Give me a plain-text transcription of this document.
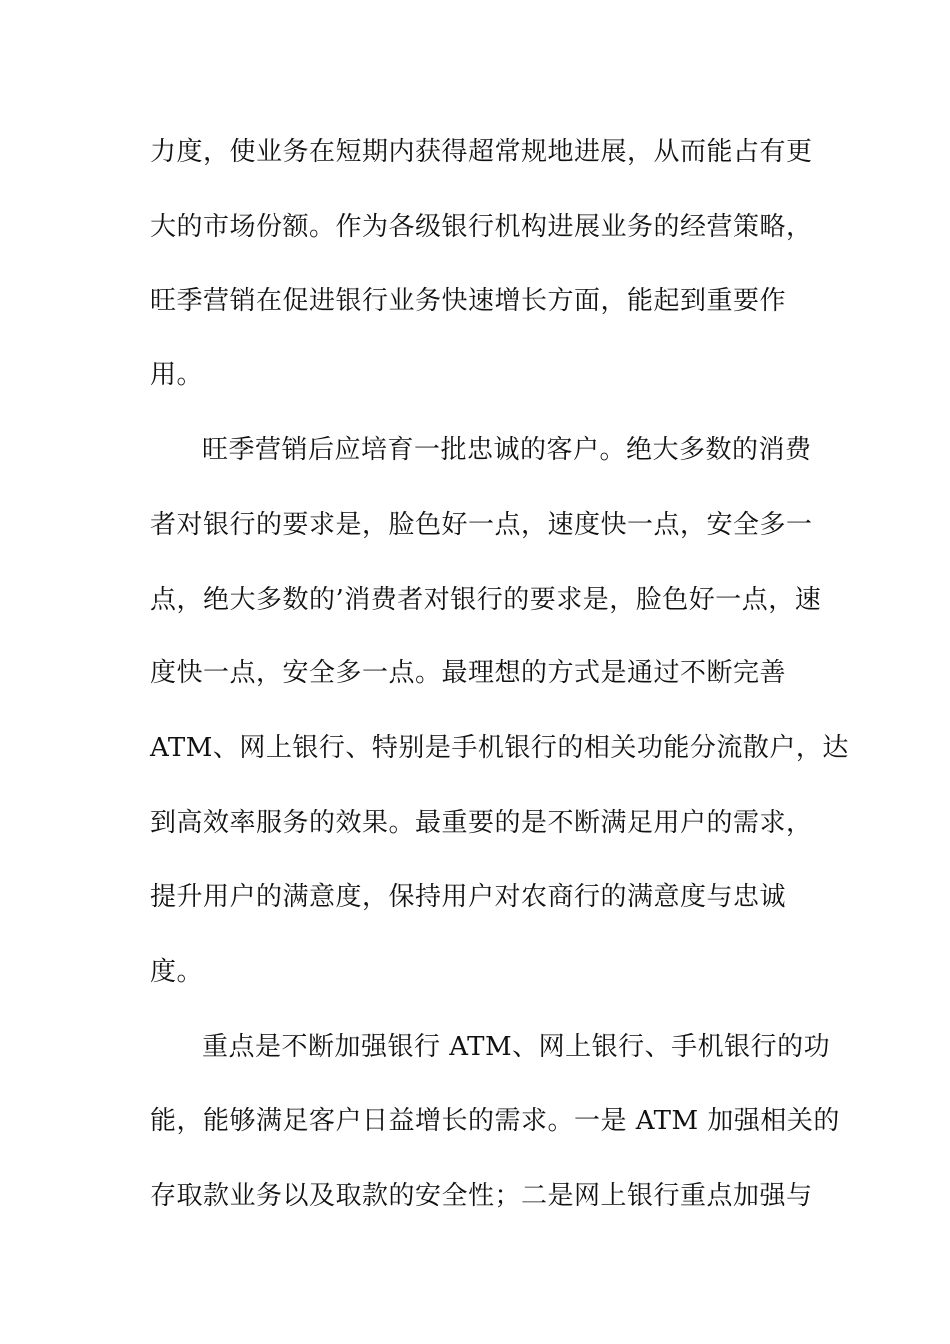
力度，使业务在短期内获得超常规地进展，从而能占有更
大的市场份额。作为各级银行机构进展业务的经营策略，
旺季营销在促进银行业务快速增长方面，能起到重要作
用。
旺季营销后应培育一批忠诚的客户。绝大多数的消费
者对银行的要求是，脸色好一点，速度快一点，安全多一
点，绝大多数的’消费者对银行的要求是，脸色好一点，速
度快一点，安全多一点。最理想的方式是通过不断完善
ATM、网上银行、特别是手机银行的相关功能分流散户，达
到高效率服务的效果。最重要的是不断满足用户的需求，
提升用户的满意度，保持用户对农商行的满意度与忠诚
度。
重点是不断加强银行 ATM、网上银行、手机银行的功
能，能够满足客户日益增长的需求。一是 ATM 加强相关的
存取款业务以及取款的安全性；二是网上银行重点加强与
